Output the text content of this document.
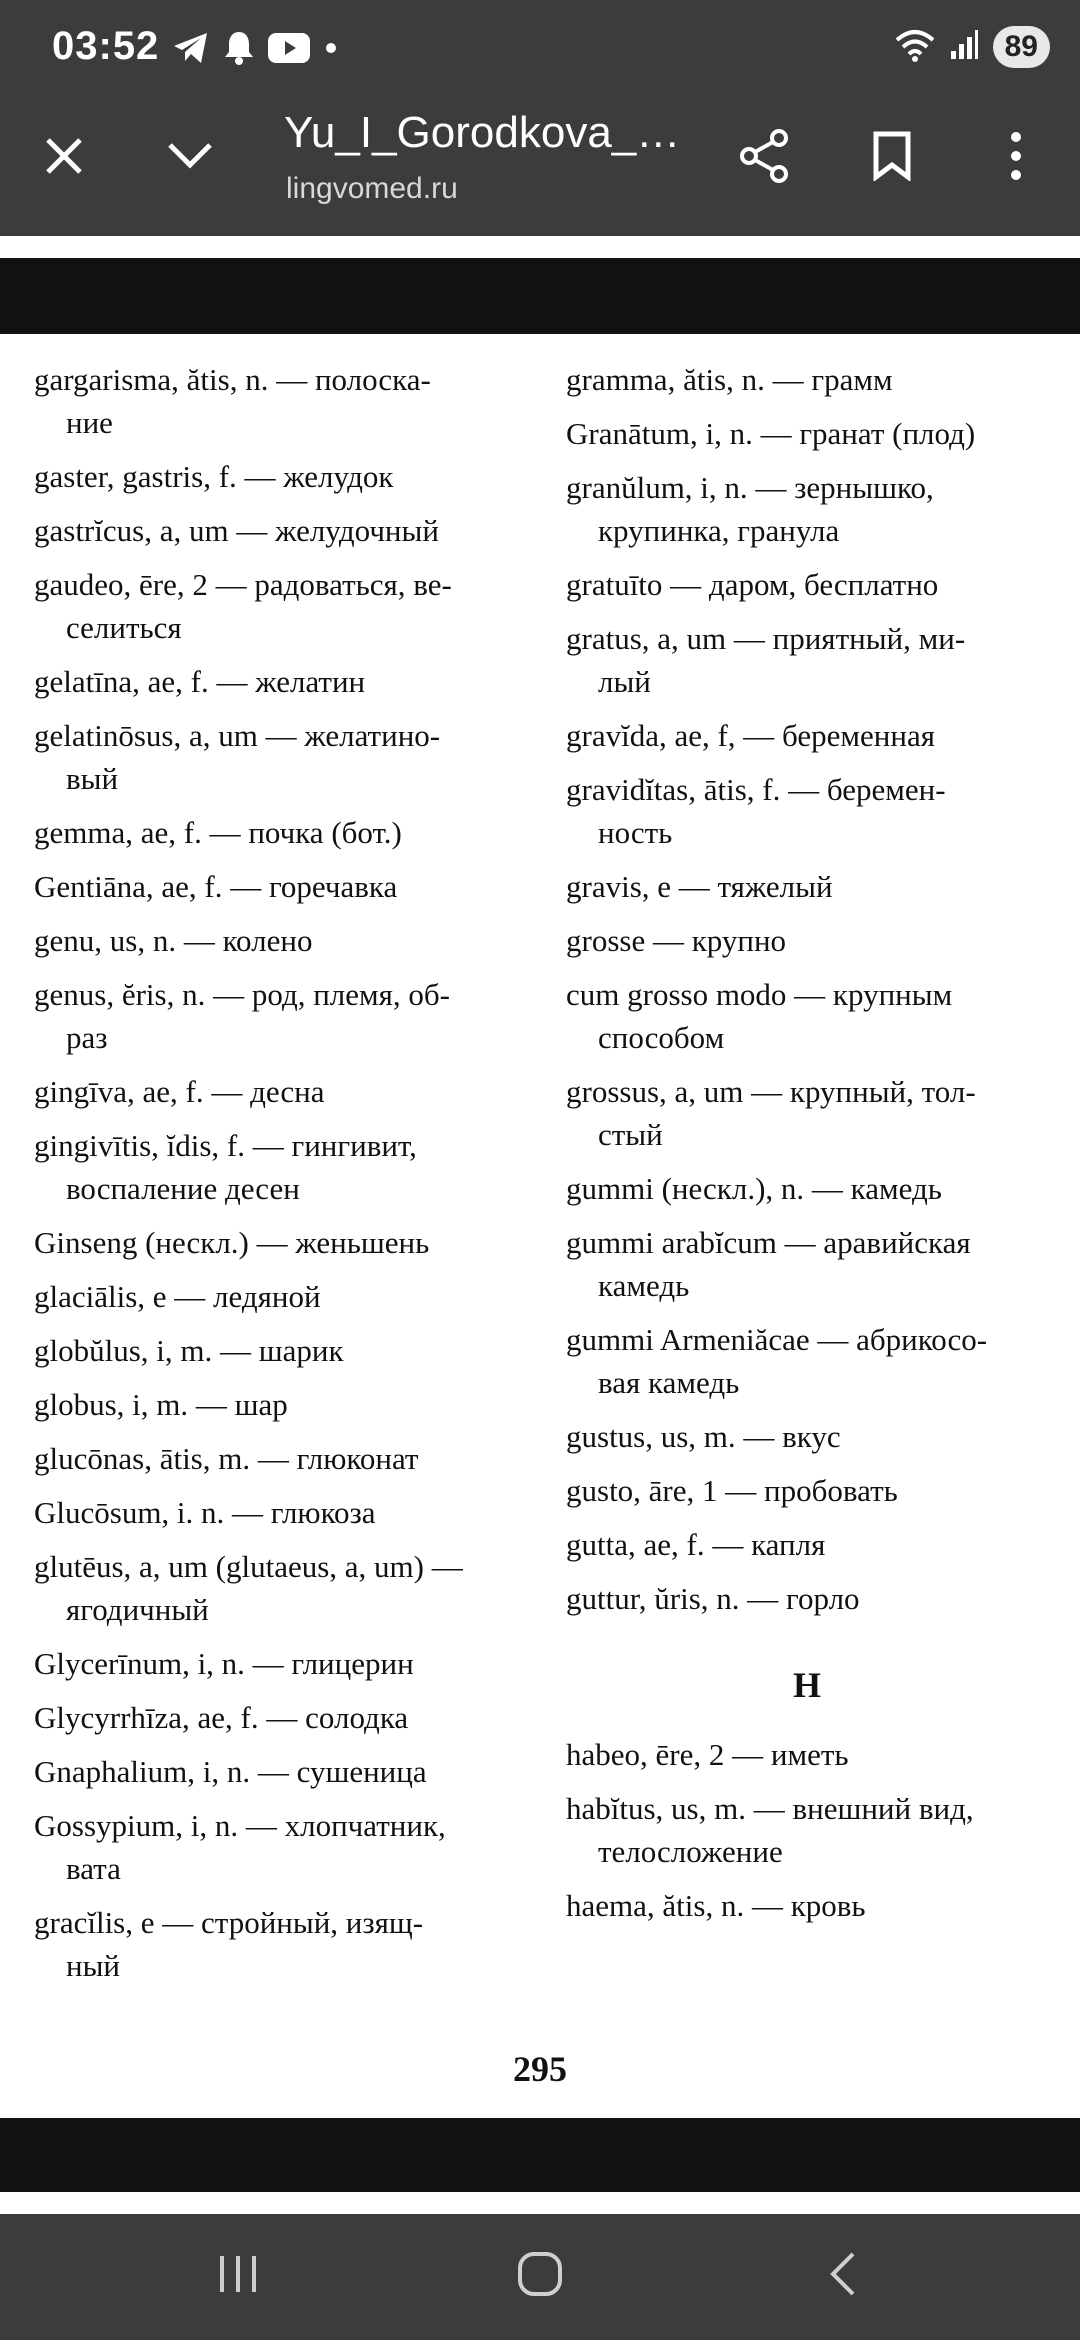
03:52	89
Yu_I_Gorodkova_…
lingvomed.ru
gargarisma, ătis, n. — полоска-
ние
gaster, gastris, f. — желудок
gastrĭcus, a, um — желудочный
gaudeo, ēre, 2 — радоваться, ве-
селиться
gelatīna, ae, f. — желатин
gelatinōsus, a, um — желатино-
вый
gemma, ae, f. — почка (бот.)
Gentiāna, ae, f. — горечавка
genu, us, n. — колено
genus, ĕris, n. — род, племя, об-
раз
gingīva, ae, f. — десна
gingivītis, ĭdis, f. — гингивит,
воспаление десен
Ginseng (нескл.) — женьшень
glaciālis, e — ледяной
globŭlus, i, m. — шарик
globus, i, m. — шар
glucōnas, ātis, m. — глюконат
Glucōsum, i. n. — глюкоза
glutēus, a, um (glutaeus, a, um) —
ягодичный
Glycerīnum, i, n. — глицерин
Glycyrrhīza, ae, f. — солодка
Gnaphalium, i, n. — сушеница
Gossypium, i, n. — хлопчатник,
вата
gracĭlis, e — стройный, изящ-
ный
gramma, ătis, n. — грамм
Granātum, i, n. — гранат (плод)
granŭlum, i, n. — зернышко,
крупинка, гранула
gratuīto — даром, бесплатно
gratus, a, um — приятный, ми-
лый
gravĭda, ae, f, — беременная
gravidĭtas, ātis, f. — беремен-
ность
gravis, e — тяжелый
grosse — крупно
cum grosso modo — крупным
способом
grossus, a, um — крупный, тол-
стый
gummi (нескл.), n. — камедь
gummi arabĭcum — аравийская
камедь
gummi Armeniăcae — абрикосо-
вая камедь
gustus, us, m. — вкус
gusto, āre, 1 — пробовать
gutta, ae, f. — капля
guttur, ŭris, n. — горло
H
habeo, ēre, 2 — иметь
habĭtus, us, m. — внешний вид,
телосложение
haema, ătis, n. — кровь
295
